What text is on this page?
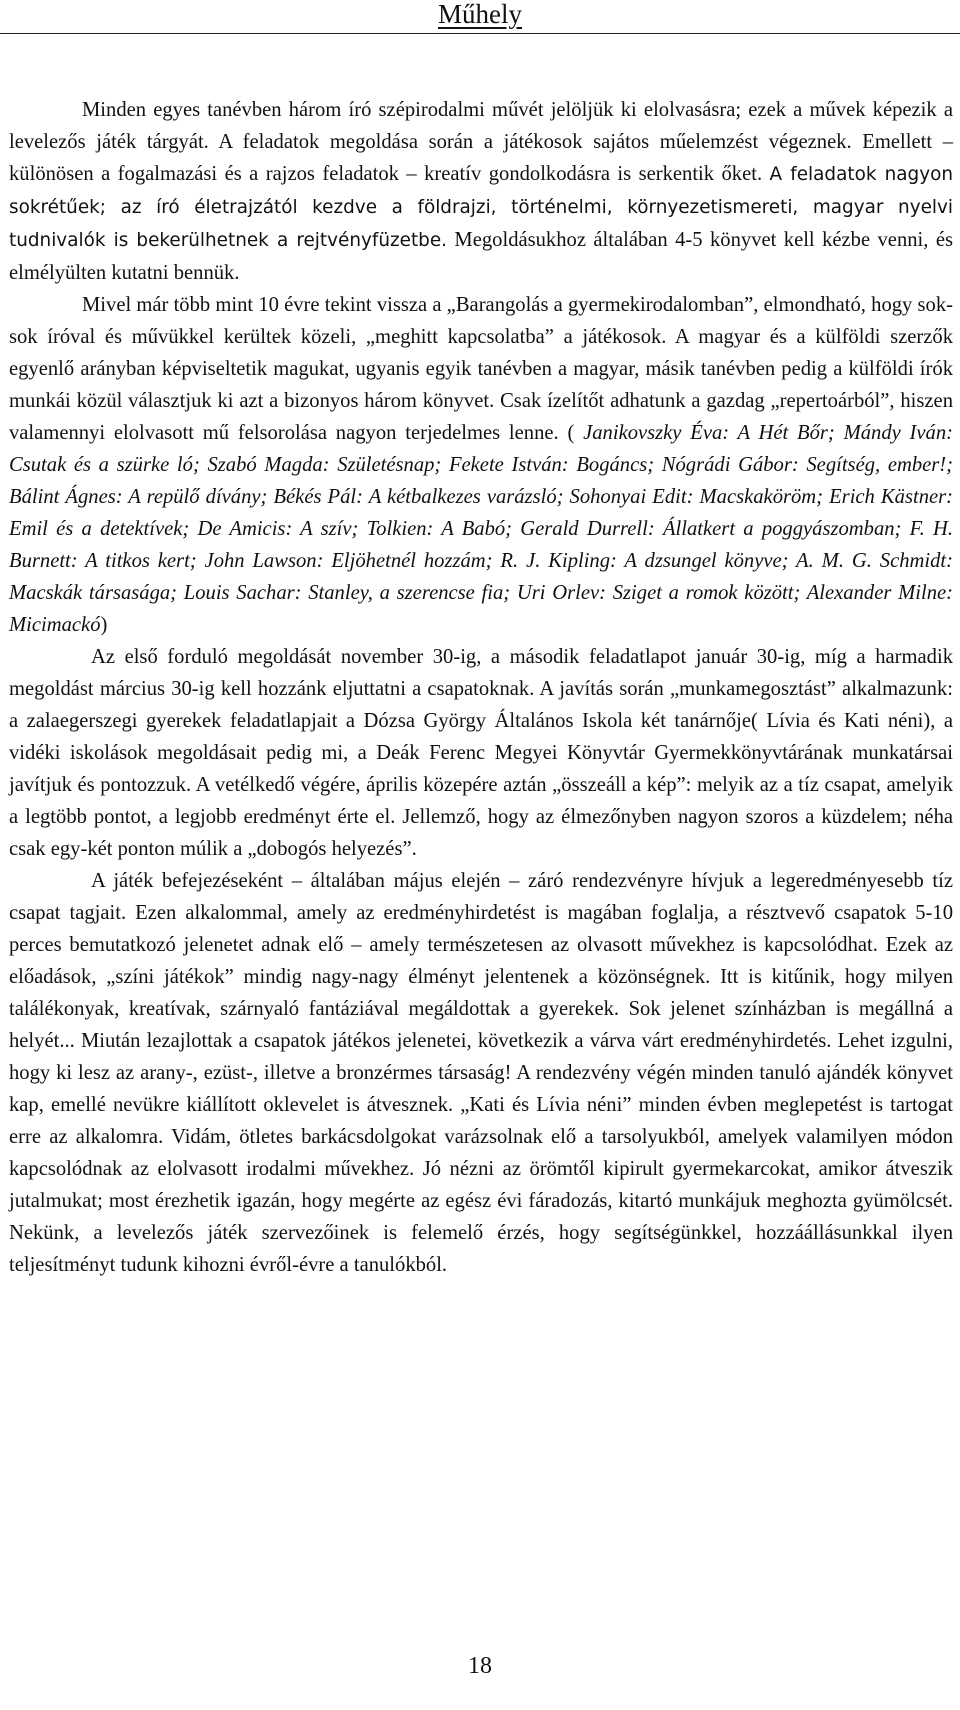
Műhely

Minden egyes tanévben három író szépirodalmi művét jelöljük ki elolvasásra; ezek a művek képezik a levelezős játék tárgyát. A feladatok megoldása során a játékosok sajátos műelemzést végeznek. Emellett – különösen a fogalmazási és a rajzos feladatok – kreatív gondolkodásra is serkentik őket. A feladatok nagyon sokrétűek; az író életrajzától kezdve a földrajzi, történelmi, környezetismereti, magyar nyelvi tudnivalók is bekerülhetnek a rejtvényfüzetbe. Megoldásukhoz általában 4-5 könyvet kell kézbe venni, és elmélyülten kutatni bennük.

Mivel már több mint 10 évre tekint vissza a „Barangolás a gyermekirodalomban”, elmondható, hogy sok-sok íróval és művükkel kerültek közeli, „meghitt kapcsolatba” a játékosok. A magyar és a külföldi szerzők egyenlő arányban képviseltetik magukat, ugyanis egyik tanévben a magyar, másik tanévben pedig a külföldi írók munkái közül választjuk ki azt a bizonyos három könyvet. Csak ízelítőt adhatunk a gazdag „repertoárból”, hiszen valamennyi elolvasott mű felsorolása nagyon terjedelmes lenne. ( Janikovszky Éva: A Hét Bőr; Mándy Iván: Csutak és a szürke ló; Szabó Magda: Születésnap; Fekete István: Bogáncs; Nógrádi Gábor: Segítség, ember!; Bálint Ágnes: A repülő dívány; Békés Pál: A kétbalkezes varázsló; Sohonyai Edit: Macskaköröm; Erich Kästner: Emil és a detektívek; De Amicis: A szív; Tolkien: A Babó; Gerald Durrell: Állatkert a poggyászomban; F. H. Burnett: A titkos kert; John Lawson: Eljöhetnél hozzám; R. J. Kipling: A dzsungel könyve; A. M. G. Schmidt: Macskák társasága; Louis Sachar: Stanley, a szerencse fia; Uri Orlev: Sziget a romok között; Alexander Milne: Micimackó)

Az első forduló megoldását november 30-ig, a második feladatlapot január 30-ig, míg a harmadik megoldást március 30-ig kell hozzánk eljuttatni a csapatoknak. A javítás során „munkamegosztást” alkalmazunk: a zalaegerszegi gyerekek feladatlapjait a Dózsa György Általános Iskola két tanárnője( Lívia és Kati néni), a vidéki iskolások megoldásait pedig mi, a Deák Ferenc Megyei Könyvtár Gyermekkönyvtárának munkatársai javítjuk és pontozzuk. A vetélkedő végére, április közepére aztán „összeáll a kép”: melyik az a tíz csapat, amelyik a legtöbb pontot, a legjobb eredményt érte el. Jellemző, hogy az élmezőnyben nagyon szoros a küzdelem; néha csak egy-két ponton múlik a „dobogós helyezés”.

A játék befejezéseként – általában május elején – záró rendezvényre hívjuk a legeredményesebb tíz csapat tagjait. Ezen alkalommal, amely az eredményhirdetést is magában foglalja, a résztvevő csapatok 5-10 perces bemutatkozó jelenetet adnak elő – amely természetesen az olvasott művekhez is kapcsolódhat. Ezek az előadások, „színi játékok” mindig nagy-nagy élményt jelentenek a közönségnek. Itt is kitűnik, hogy milyen találékonyak, kreatívak, szárnyaló fantáziával megáldottak a gyerekek. Sok jelenet színházban is megállná a helyét... Miután lezajlottak a csapatok játékos jelenetei, következik a várva várt eredményhirdetés. Lehet izgulni, hogy ki lesz az arany-, ezüst-, illetve a bronzérmes társaság! A rendezvény végén minden tanuló ajándék könyvet kap, emellé nevükre kiállított oklevelet is átvesznek. „Kati és Lívia néni” minden évben meglepetést is tartogat erre az alkalomra. Vidám, ötletes barkácsdolgokat varázsolnak elő a tarsolyukból, amelyek valamilyen módon kapcsolódnak az elolvasott irodalmi művekhez. Jó nézni az örömtől kipirult gyermekarcokat, amikor átveszik jutalmukat; most érezhetik igazán, hogy megérte az egész évi fáradozás, kitartó munkájuk meghozta gyümölcsét. Nekünk, a levelezős játék szervezőinek is felemelő érzés, hogy segítségünkkel, hozzáállásunkkal ilyen teljesítményt tudunk kihozni évről-évre a tanulókból.

18
